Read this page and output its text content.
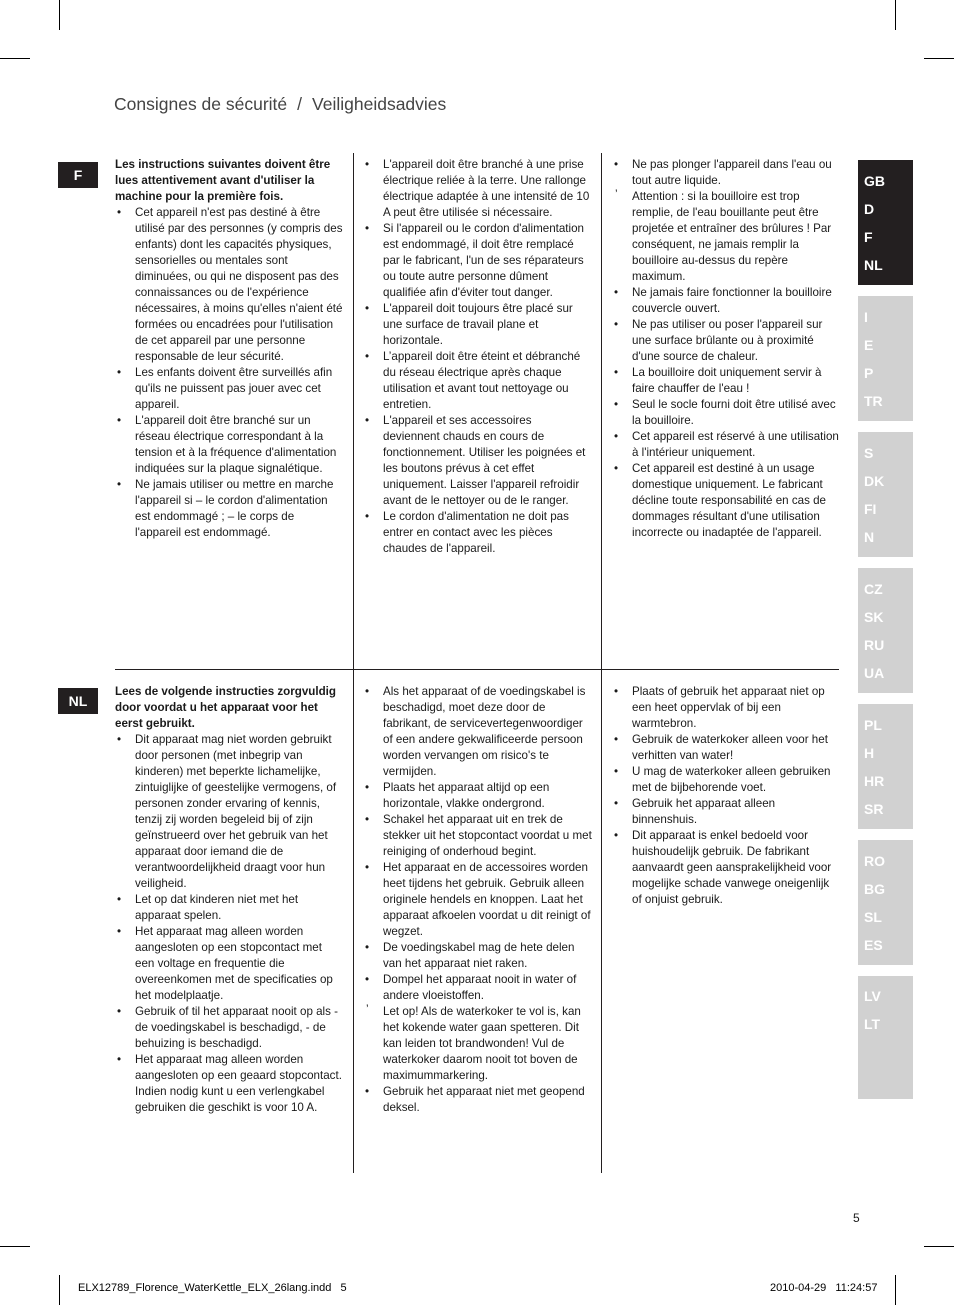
Consignes de sécurité / Veiligheidsadvies
F

Les instructions suivantes doivent être lues attentivement avant d'utiliser la machine pour la première fois.

• Cet appareil n'est pas destiné à être utilisé par des personnes (y compris des enfants) dont les capacités physiques, sensorielles ou mentales sont diminuées, ou qui ne disposent pas des connaissances ou de l'expérience nécessaires, à moins qu'elles n'aient été formées ou encadrées pour l'utilisation de cet appareil par une personne responsable de leur sécurité.
• Les enfants doivent être surveillés afin qu'ils ne puissent pas jouer avec cet appareil.
• L'appareil doit être branché sur un réseau électrique correspondant à la tension et à la fréquence d'alimentation indiquées sur la plaque signalétique.
• Ne jamais utiliser ou mettre en marche l'appareil si – le cordon d'alimentation est endommagé ; – le corps de l'appareil est endommagé.
• L'appareil doit être branché à une prise électrique reliée à la terre. Une rallonge électrique adaptée à une intensité de 10 A peut être utilisée si nécessaire.
• Si l'appareil ou le cordon d'alimentation est endommagé, il doit être remplacé par le fabricant, l'un de ses réparateurs ou toute autre personne dûment qualifiée afin d'éviter tout danger.
• L'appareil doit toujours être placé sur une surface de travail plane et horizontale.
• L’appareil doit être éteint et débranché du réseau électrique après chaque utilisation et avant tout nettoyage ou entretien.
• L'appareil et ses accessoires deviennent chauds en cours de fonctionnement. Utiliser les poignées et les boutons prévus à cet effet uniquement. Laisser l'appareil refroidir avant de le nettoyer ou de le ranger.
• Le cordon d'alimentation ne doit pas entrer en contact avec les pièces chaudes de l'appareil.
• Ne pas plonger l'appareil dans l'eau ou tout autre liquide.
’ Attention : si la bouilloire est trop remplie, de l'eau bouillante peut être projetée et entraîner des brûlures ! Par conséquent, ne jamais remplir la bouilloire au-dessus du repère maximum.
• Ne jamais faire fonctionner la bouilloire couvercle ouvert.
• Ne pas utiliser ou poser l'appareil sur une surface brûlante ou à proximité d'une source de chaleur.
• La bouilloire doit uniquement servir à faire chauffer de l'eau !
• Seul le socle fourni doit être utilisé avec la bouilloire.
• Cet appareil est réservé à une utilisation à l'intérieur uniquement.
• Cet appareil est destiné à un usage domestique uniquement. Le fabricant décline toute responsabilité en cas de dommages résultant d'une utilisation incorrecte ou inadaptée de l'appareil.
NL

Lees de volgende instructies zorgvuldig door voordat u het apparaat voor het eerst gebruikt.

• Dit apparaat mag niet worden gebruikt door personen (met inbegrip van kinderen) met beperkte lichamelijke, zintuiglijke of geestelijke vermogens, of personen zonder ervaring of kennis, tenzij zij worden begeleid bij of zijn geïnstrueerd over het gebruik van het apparaat door iemand die de verantwoordelijkheid draagt voor hun veiligheid.
• Let op dat kinderen niet met het apparaat spelen.
• Het apparaat mag alleen worden aangesloten op een stopcontact met een voltage en frequentie die overeenkomen met de specificaties op het modelplaatje.
• Gebruik of til het apparaat nooit op als - de voedingskabel is beschadigd, - de behuizing is beschadigd.
• Het apparaat mag alleen worden aangesloten op een geaard stopcontact. Indien nodig kunt u een verlengkabel gebruiken die geschikt is voor 10 A.
• Als het apparaat of de voedingskabel is beschadigd, moet deze door de fabrikant, de servicevertegenwoordiger of een andere gekwalificeerde persoon worden vervangen om risico's te vermijden.
• Plaats het apparaat altijd op een horizontale, vlakke ondergrond.
• Schakel het apparaat uit en trek de stekker uit het stopcontact voordat u met reiniging of onderhoud begint.
• Het apparaat en de accessoires worden heet tijdens het gebruik. Gebruik alleen originele hendels en knoppen. Laat het apparaat afkoelen voordat u dit reinigt of wegzet.
• De voedingskabel mag de hete delen van het apparaat niet raken.
• Dompel het apparaat nooit in water of andere vloeistoffen.
’ Let op! Als de waterkoker te vol is, kan het kokende water gaan spetteren. Dit kan leiden tot brandwonden! Vul de waterkoker daarom nooit tot boven de maximummarkering.
• Gebruik het apparaat niet met geopend deksel.
• Plaats of gebruik het apparaat niet op een heet oppervlak of bij een warmtebron.
• Gebruik de waterkoker alleen voor het verhitten van water!
• U mag de waterkoker alleen gebruiken met de bijbehorende voet.
• Gebruik het apparaat alleen binnenshuis.
• Dit apparaat is enkel bedoeld voor huishoudelijk gebruik. De fabrikant aanvaardt geen aansprakelijkheid voor mogelijke schade vanwege oneigenlijk of onjuist gebruik.
GB
D
F
NL
I
E
P
TR
S
DK
FI
N
CZ
SK
RU
UA
PL
H
HR
SR
RO
BG
SL
ES
LV
LT
5
ELX12789_Florence_WaterKettle_ELX_26lang.indd   5	2010-04-29   11:24:57
